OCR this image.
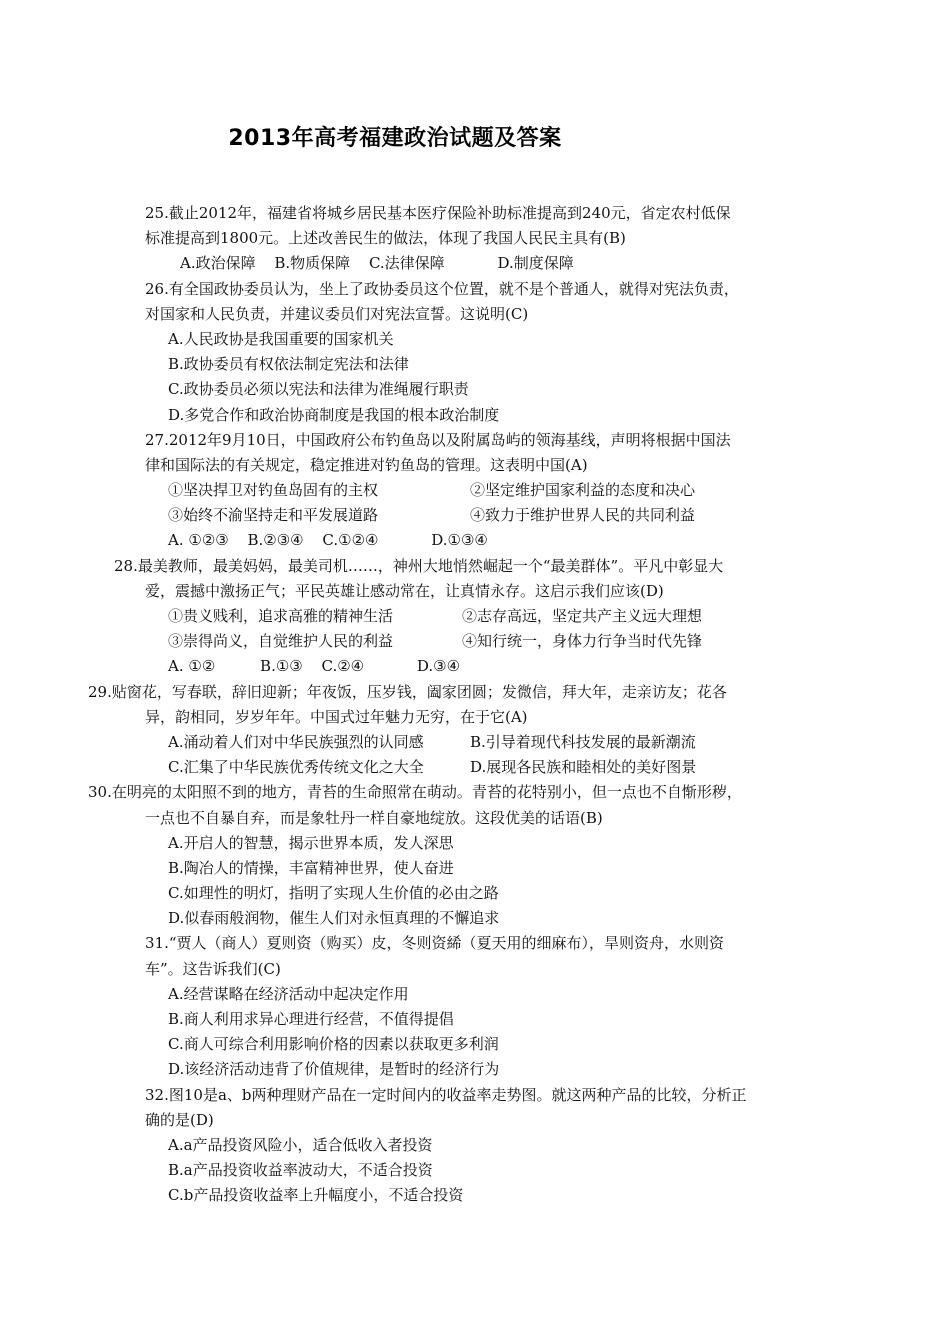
2013年高考福建政治试题及答案
25.截止2012年，福建省将城乡居民基本医疗保险补助标准提高到240元，省定农村低保
标准提高到1800元。上述改善民生的做法，体现了我国人民民主具有(B)
A.政治保障 B.物质保障 C.法律保障	D.制度保障
26.有全国政协委员认为，坐上了政协委员这个位置，就不是个普通人，就得对宪法负责，
对国家和人民负责，并建议委员们对宪法宣誓。这说明(C)
A.人民政协是我国重要的国家机关
B.政协委员有权依法制定宪法和法律
C.政协委员必须以宪法和法律为准绳履行职责
D.多党合作和政治协商制度是我国的根本政治制度
27.2012年9月10日，中国政府公布钓鱼岛以及附属岛屿的领海基线，声明将根据中国法
律和国际法的有关规定，稳定推进对钓鱼岛的管理。这表明中国(A)
①坚决捍卫对钓鱼岛固有的主权	②坚定维护国家利益的态度和决心
③始终不渝坚持走和平发展道路	④致力于维护世界人民的共同利益
A. ①②③ B.②③④ C.①②④	D.①③④
28.最美教师，最美妈妈，最美司机……，神州大地悄然崛起一个“最美群体”。平凡中彰显大
爱，震撼中激扬正气；平民英雄让感动常在，让真情永存。这启示我们应该(D)
①贵义贱利，追求高雅的精神生活	②志存高远，坚定共产主义远大理想
③崇得尚义，自觉维护人民的利益	④知行统一，身体力行争当时代先锋
A. ①②	B.①③ C.②④	D.③④
29.贴窗花，写春联，辞旧迎新；年夜饭，压岁钱，阖家团圆；发微信，拜大年，走亲访友；花各
异，韵相同，岁岁年年。中国式过年魅力无穷，在于它(A)
A.涌动着人们对中华民族强烈的认同感	B.引导着现代科技发展的最新潮流
C.汇集了中华民族优秀传统文化之大全	D.展现各民族和睦相处的美好图景
30.在明亮的太阳照不到的地方，青苔的生命照常在萌动。青苔的花特别小，但一点也不自惭形秽，
一点也不自暴自弃，而是象牡丹一样自豪地绽放。这段优美的话语(B)
A.开启人的智慧，揭示世界本质，发人深思
B.陶冶人的情操，丰富精神世界，使人奋进
C.如理性的明灯，指明了实现人生价值的必由之路
D.似春雨般润物，催生人们对永恒真理的不懈追求
31.“贾人（商人）夏则资（购买）皮，冬则资絺（夏天用的细麻布），旱则资舟，水则资
车”。这告诉我们(C)
A.经营谋略在经济活动中起决定作用
B.商人利用求异心理进行经营，不值得提倡
C.商人可综合利用影响价格的因素以获取更多利润
D.该经济活动违背了价值规律，是暂时的经济行为
32.图10是a、b两种理财产品在一定时间内的收益率走势图。就这两种产品的比较，分析正
确的是(D)
A.a产品投资风险小，适合低收入者投资
B.a产品投资收益率波动大，不适合投资
C.b产品投资收益率上升幅度小，不适合投资
